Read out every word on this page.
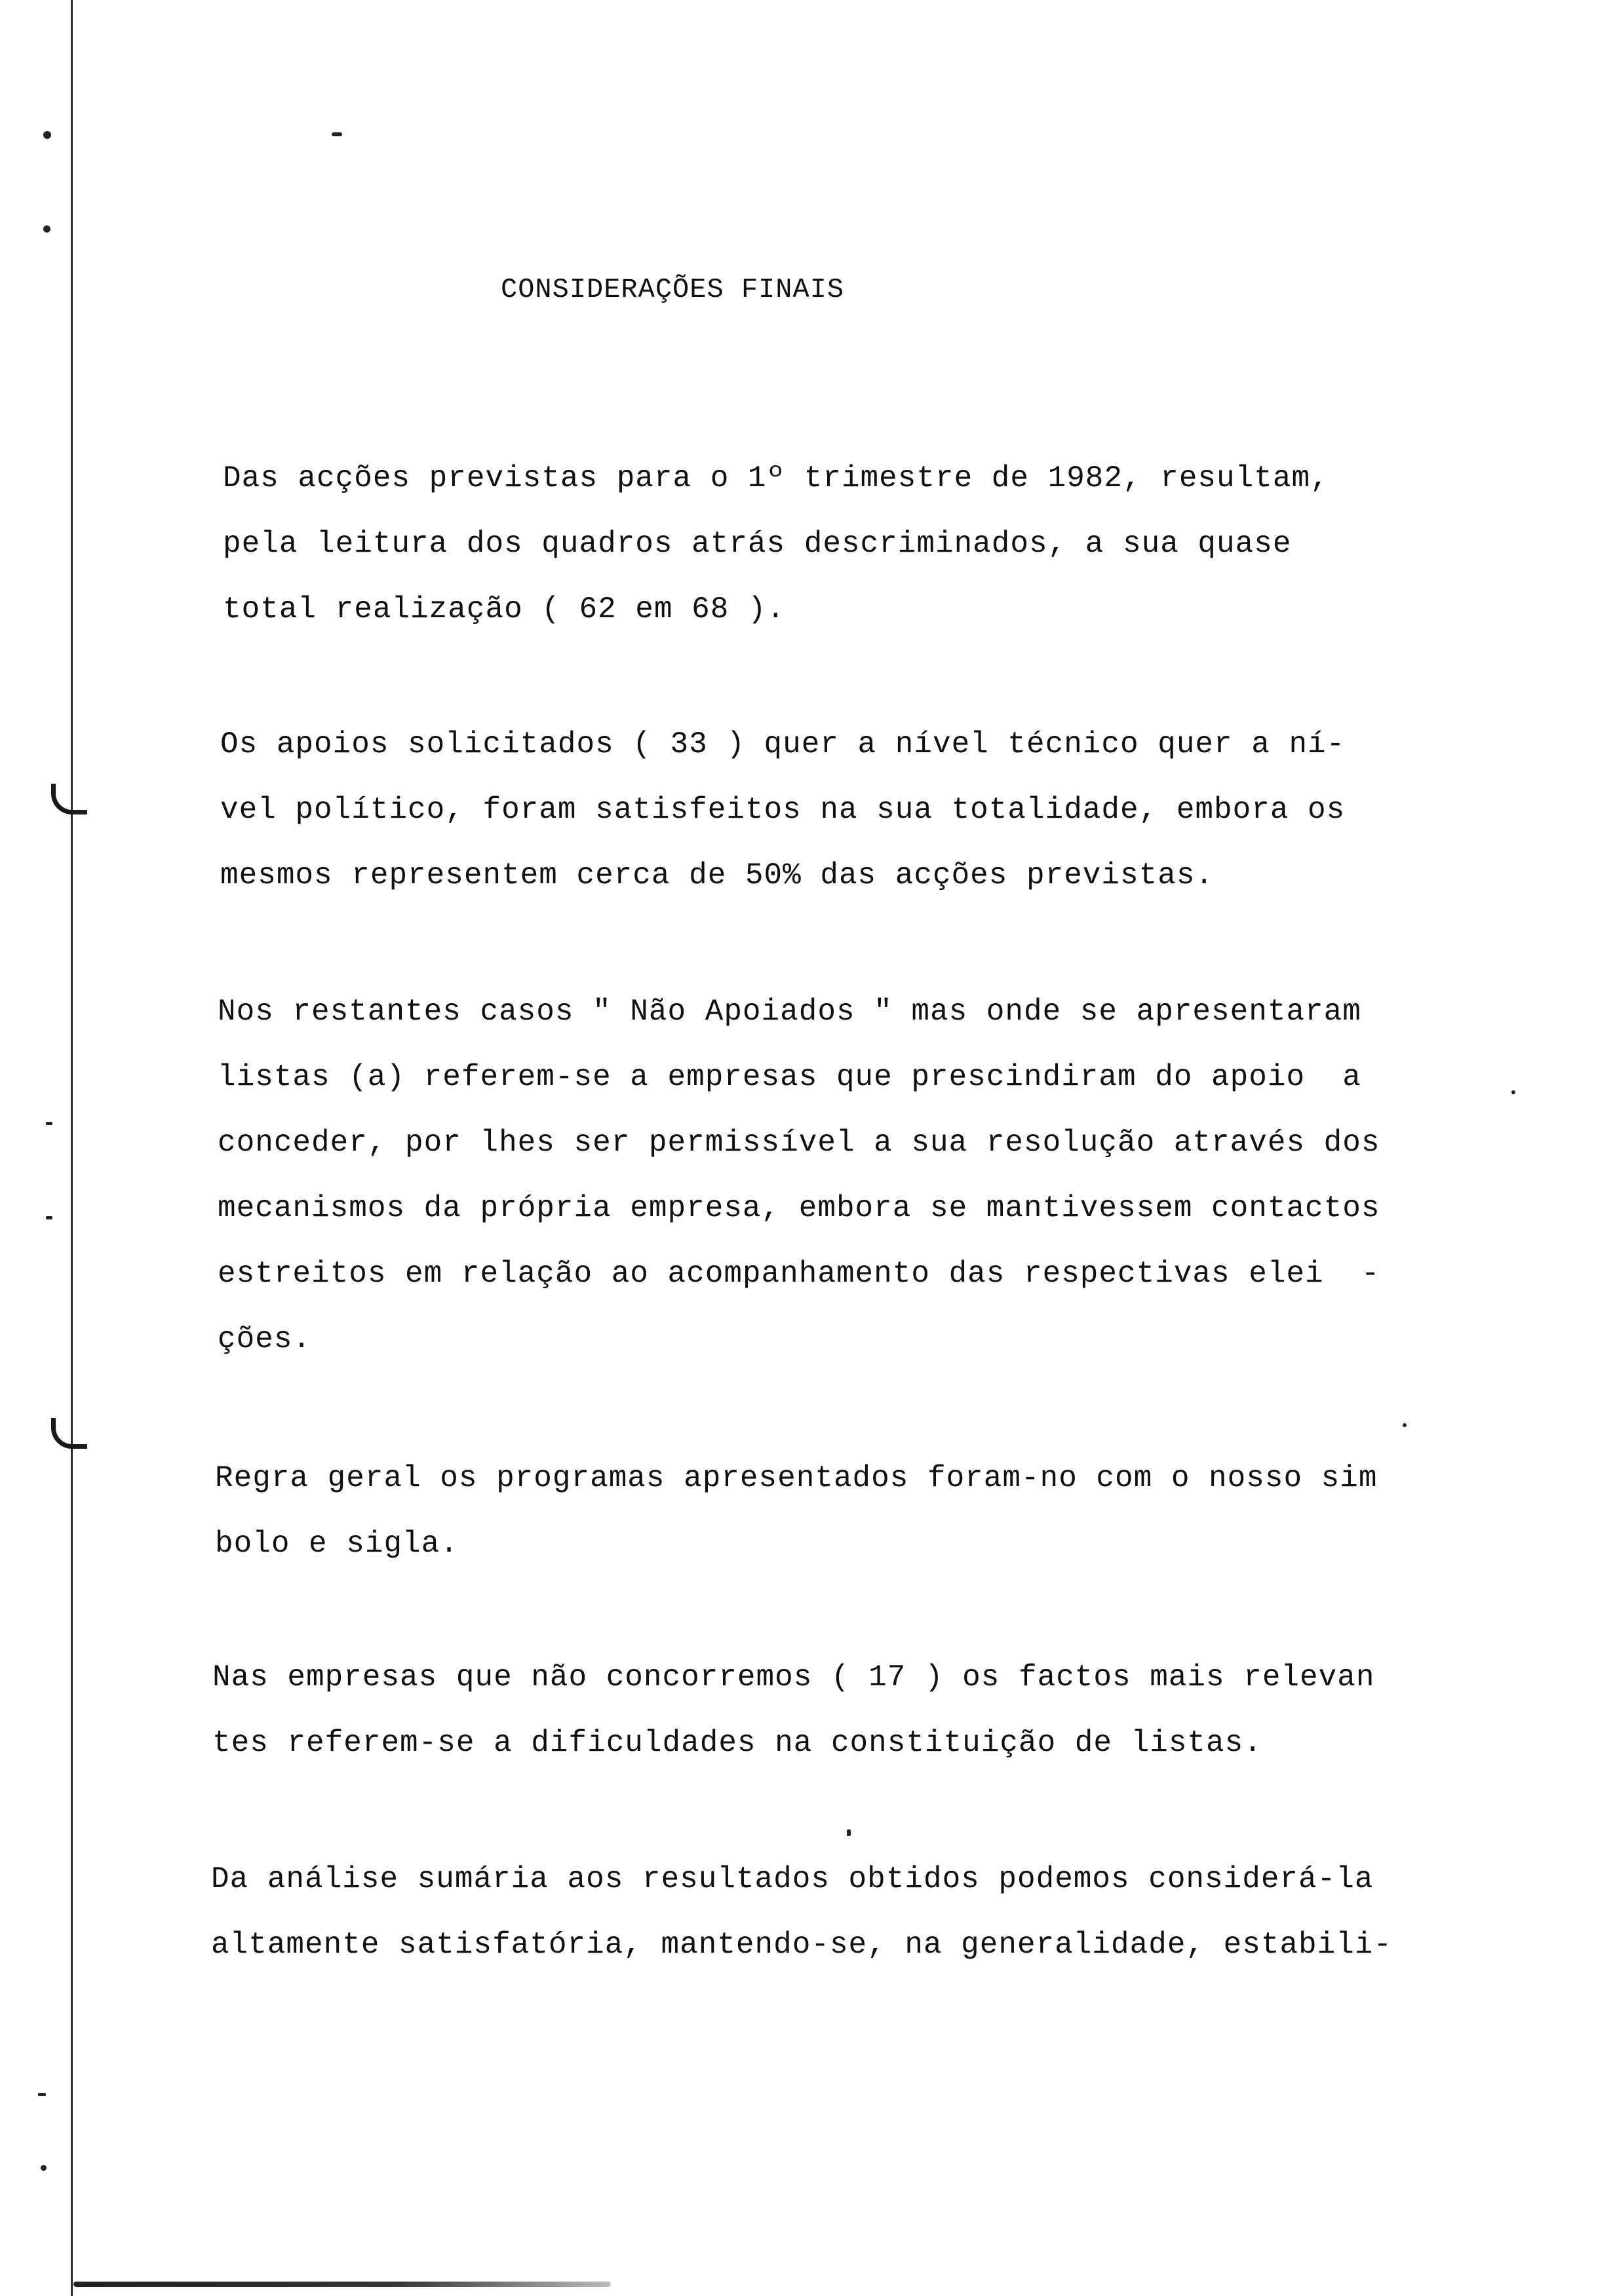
CONSIDERAÇÕES FINAIS
Das acções previstas para o 1º trimestre de 1982, resultam,
pela leitura dos quadros atrás descriminados, a sua quase
total realização ( 62 em 68 ).
Os apoios solicitados ( 33 ) quer a nível técnico quer a ní-
vel político, foram satisfeitos na sua totalidade, embora os
mesmos representem cerca de 50% das acções previstas.
Nos restantes casos " Não Apoiados " mas onde se apresentaram
listas (a) referem-se a empresas que prescindiram do apoio  a
conceder, por lhes ser permissível a sua resolução através dos
mecanismos da própria empresa, embora se mantivessem contactos
estreitos em relação ao acompanhamento das respectivas elei  -
ções.
Regra geral os programas apresentados foram-no com o nosso sim
bolo e sigla.
Nas empresas que não concorremos ( 17 ) os factos mais relevan
tes referem-se a dificuldades na constituição de listas.
Da análise sumária aos resultados obtidos podemos considerá-la
altamente satisfatória, mantendo-se, na generalidade, estabili-
